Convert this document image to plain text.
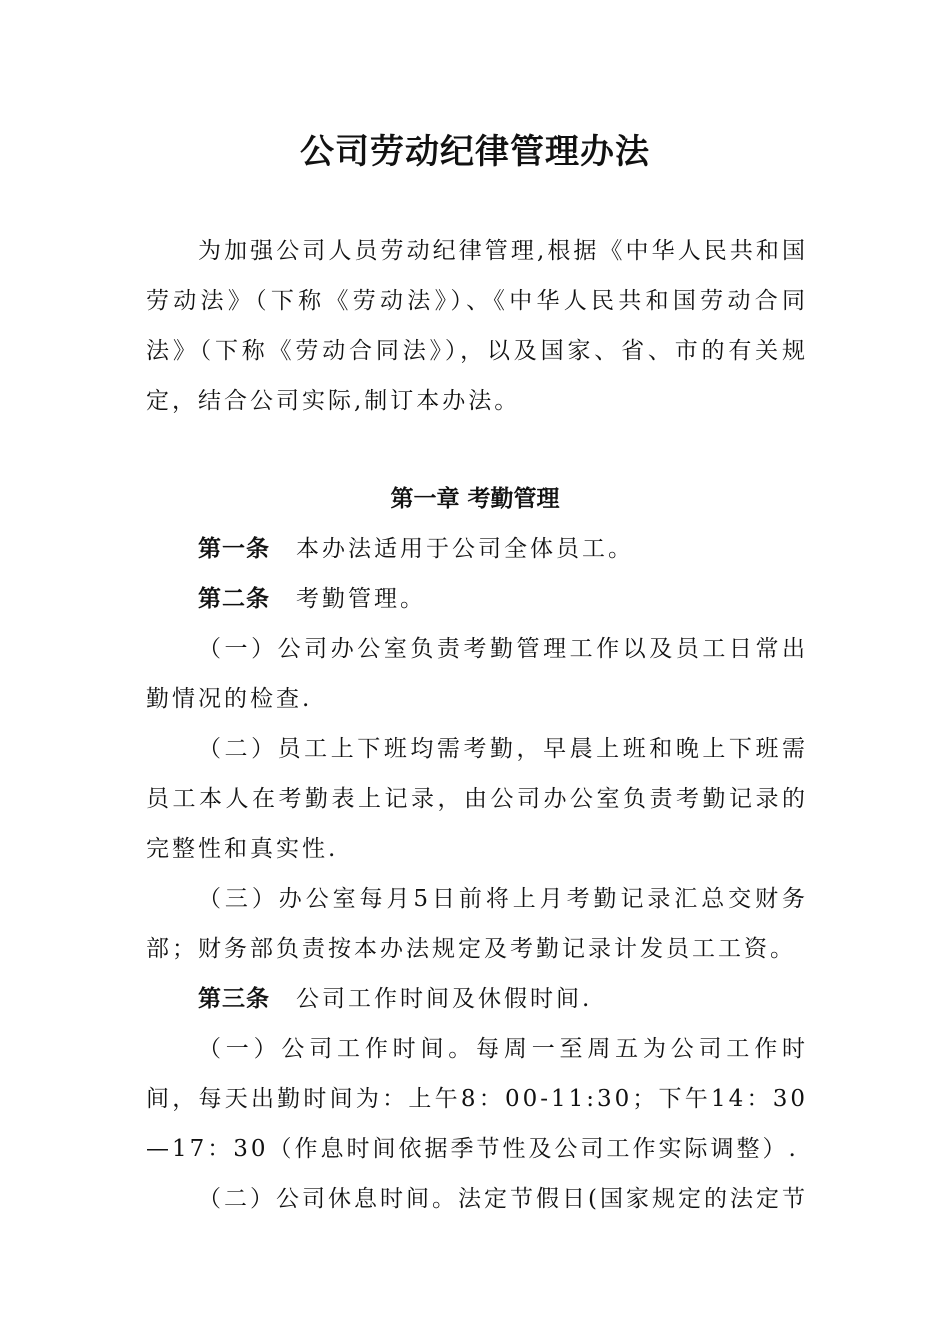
公司劳动纪律管理办法

为加强公司人员劳动纪律管理,根据《中华人民共和国劳动法》（下称《劳动法》）、《中华人民共和国劳动合同法》（下称《劳动合同法》），以及国家、省、市的有关规定，结合公司实际,制订本办法。

第一章 考勤管理

第一条 本办法适用于公司全体员工。

第二条 考勤管理。

（一）公司办公室负责考勤管理工作以及员工日常出勤情况的检查.

（二）员工上下班均需考勤，早晨上班和晚上下班需员工本人在考勤表上记录，由公司办公室负责考勤记录的完整性和真实性.

（三）办公室每月5日前将上月考勤记录汇总交财务部；财务部负责按本办法规定及考勤记录计发员工工资。

第三条 公司工作时间及休假时间.

（一）公司工作时间。每周一至周五为公司工作时间，每天出勤时间为：上午8：00-11:30；下午14：30—17：30（作息时间依据季节性及公司工作实际调整）.

（二）公司休息时间。法定节假日(国家规定的法定节
